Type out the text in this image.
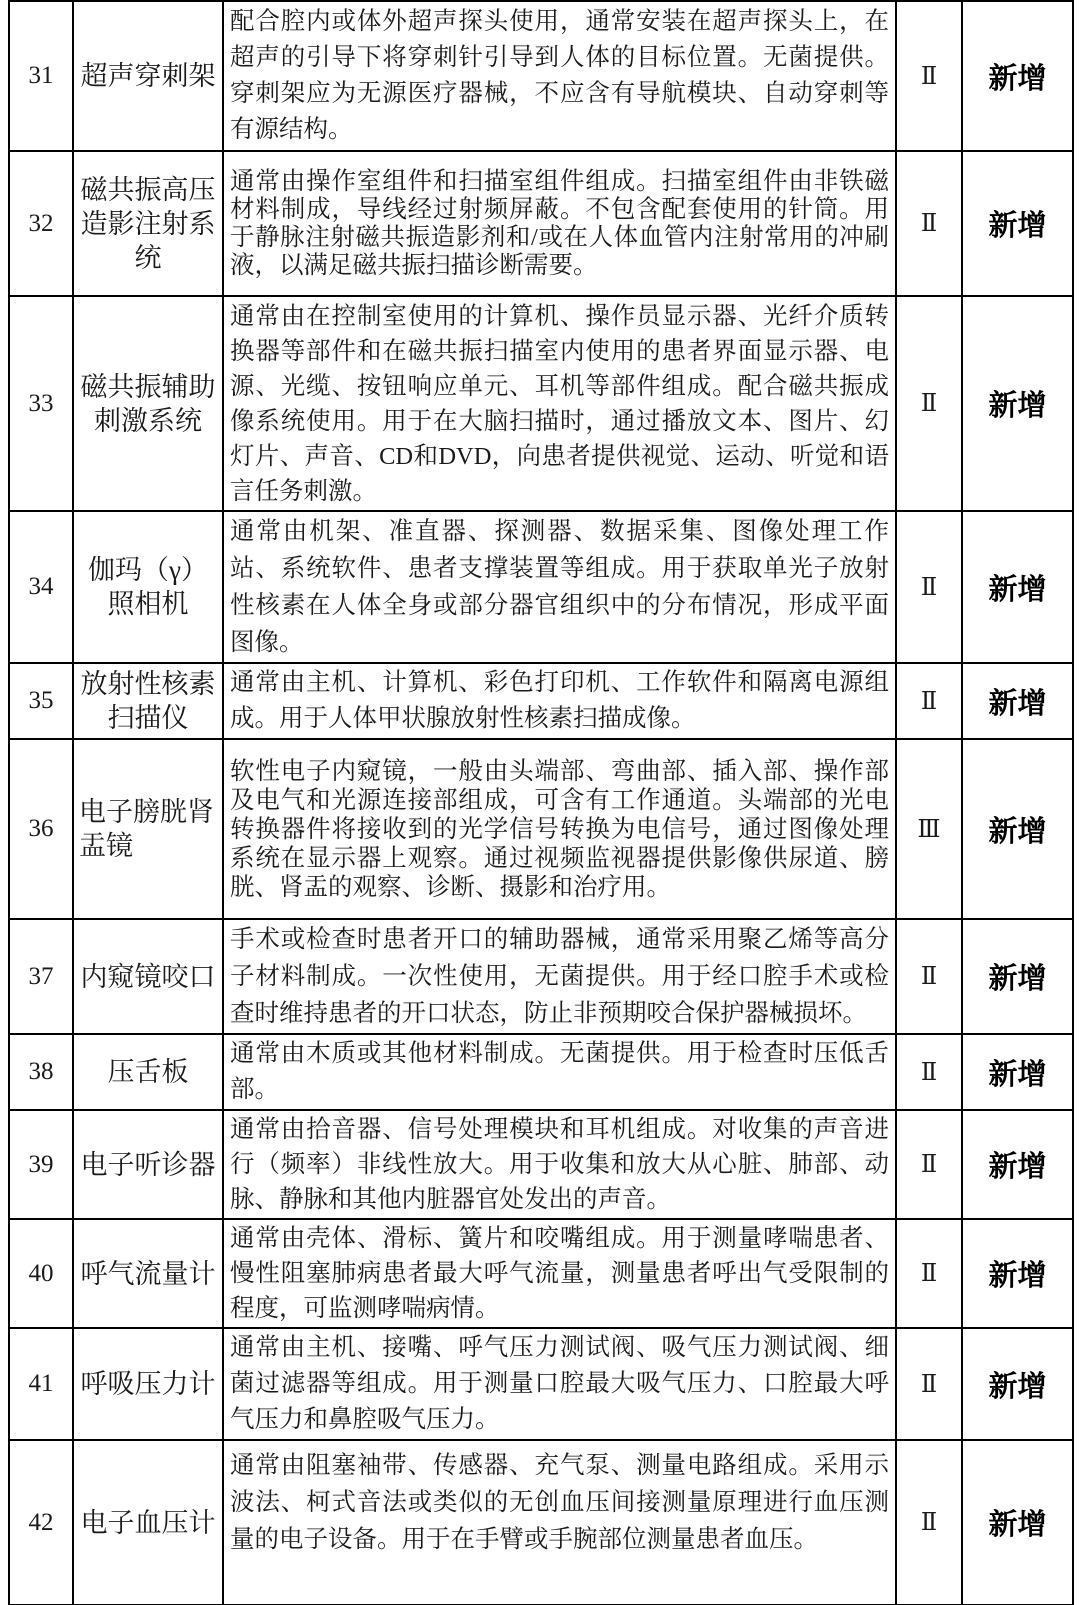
31	超声穿刺架	配合腔内或体外超声探头使用，通常安装在超声探头上，在超声的引导下将穿刺针引导到人体的目标位置。无菌提供。穿刺架应为无源医疗器械，不应含有导航模块、自动穿刺等有源结构。	Ⅱ	新增
32	磁共振高压造影注射系统	通常由操作室组件和扫描室组件组成。扫描室组件由非铁磁材料制成，导线经过射频屏蔽。不包含配套使用的针筒。用于静脉注射磁共振造影剂和/或在人体血管内注射常用的冲刷液，以满足磁共振扫描诊断需要。	Ⅱ	新增
33	磁共振辅助刺激系统	通常由在控制室使用的计算机、操作员显示器、光纤介质转换器等部件和在磁共振扫描室内使用的患者界面显示器、电源、光缆、按钮响应单元、耳机等部件组成。配合磁共振成像系统使用。用于在大脑扫描时，通过播放文本、图片、幻灯片、声音、CD和DVD，向患者提供视觉、运动、听觉和语言任务刺激。	Ⅱ	新增
34	伽玛（γ）照相机	通常由机架、准直器、探测器、数据采集、图像处理工作站、系统软件、患者支撑装置等组成。用于获取单光子放射性核素在人体全身或部分器官组织中的分布情况，形成平面图像。	Ⅱ	新增
35	放射性核素扫描仪	通常由主机、计算机、彩色打印机、工作软件和隔离电源组成。用于人体甲状腺放射性核素扫描成像。	Ⅱ	新增
36	电子膀胱肾盂镜	软性电子内窥镜，一般由头端部、弯曲部、插入部、操作部及电气和光源连接部组成，可含有工作通道。头端部的光电转换器件将接收到的光学信号转换为电信号，通过图像处理系统在显示器上观察。通过视频监视器提供影像供尿道、膀胱、肾盂的观察、诊断、摄影和治疗用。	Ⅲ	新增
37	内窥镜咬口	手术或检查时患者开口的辅助器械，通常采用聚乙烯等高分子材料制成。一次性使用，无菌提供。用于经口腔手术或检查时维持患者的开口状态，防止非预期咬合保护器械损坏。	Ⅱ	新增
38	压舌板	通常由木质或其他材料制成。无菌提供。用于检查时压低舌部。	Ⅱ	新增
39	电子听诊器	通常由拾音器、信号处理模块和耳机组成。对收集的声音进行（频率）非线性放大。用于收集和放大从心脏、肺部、动脉、静脉和其他内脏器官处发出的声音。	Ⅱ	新增
40	呼气流量计	通常由壳体、滑标、簧片和咬嘴组成。用于测量哮喘患者、慢性阻塞肺病患者最大呼气流量，测量患者呼出气受限制的程度，可监测哮喘病情。	Ⅱ	新增
41	呼吸压力计	通常由主机、接嘴、呼气压力测试阀、吸气压力测试阀、细菌过滤器等组成。用于测量口腔最大吸气压力、口腔最大呼气压力和鼻腔吸气压力。	Ⅱ	新增
42	电子血压计	通常由阻塞袖带、传感器、充气泵、测量电路组成。采用示波法、柯式音法或类似的无创血压间接测量原理进行血压测量的电子设备。用于在手臂或手腕部位测量患者血压。	Ⅱ	新增
